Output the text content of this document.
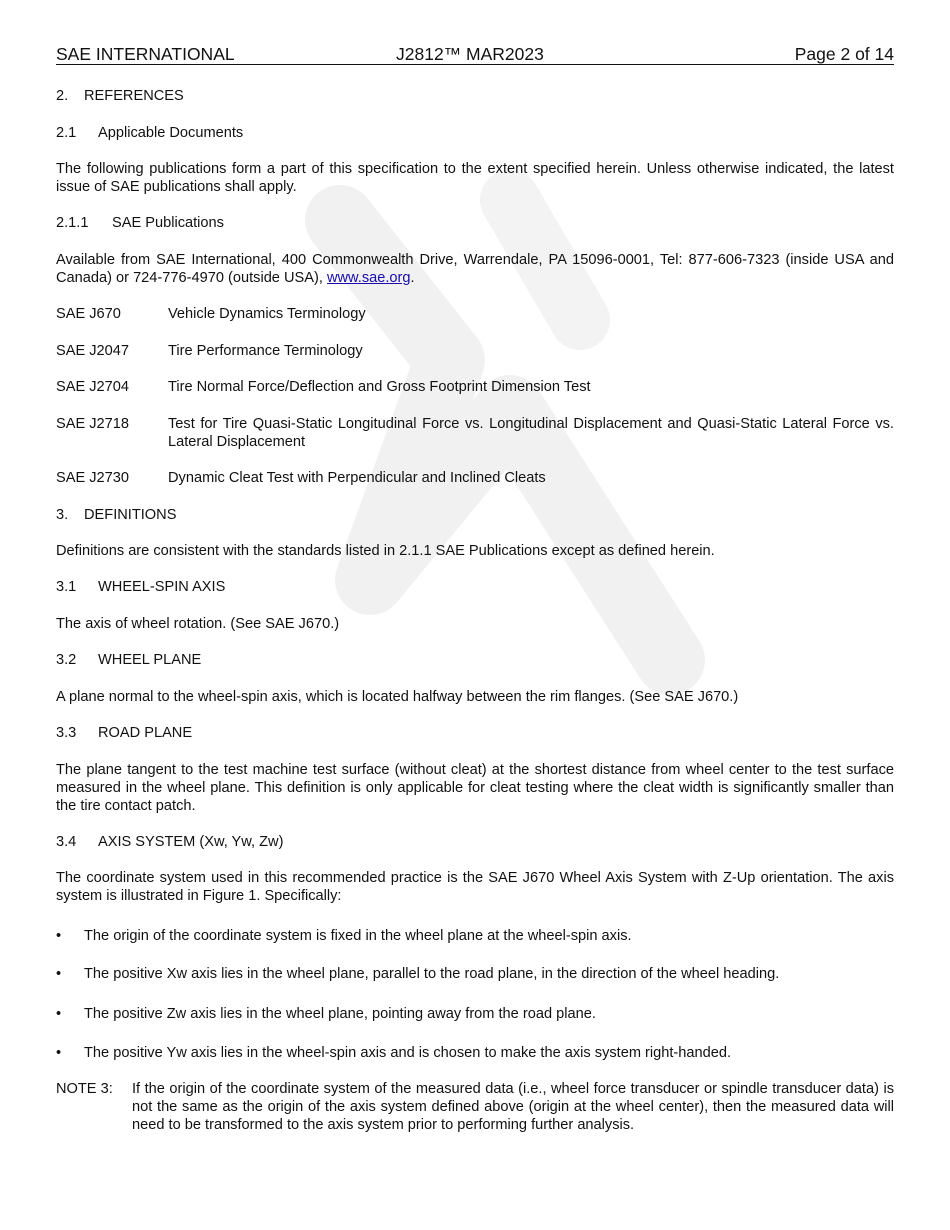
SAE INTERNATIONAL	J2812™ MAR2023	Page 2 of 14
2. REFERENCES
2.1 Applicable Documents
The following publications form a part of this specification to the extent specified herein. Unless otherwise indicated, the latest issue of SAE publications shall apply.
2.1.1 SAE Publications
Available from SAE International, 400 Commonwealth Drive, Warrendale, PA 15096-0001, Tel: 877-606-7323 (inside USA and Canada) or 724-776-4970 (outside USA), www.sae.org.
SAE J670	Vehicle Dynamics Terminology
SAE J2047	Tire Performance Terminology
SAE J2704	Tire Normal Force/Deflection and Gross Footprint Dimension Test
SAE J2718	Test for Tire Quasi-Static Longitudinal Force vs. Longitudinal Displacement and Quasi-Static Lateral Force vs. Lateral Displacement
SAE J2730	Dynamic Cleat Test with Perpendicular and Inclined Cleats
3. DEFINITIONS
Definitions are consistent with the standards listed in 2.1.1 SAE Publications except as defined herein.
3.1 WHEEL-SPIN AXIS
The axis of wheel rotation. (See SAE J670.)
3.2 WHEEL PLANE
A plane normal to the wheel-spin axis, which is located halfway between the rim flanges. (See SAE J670.)
3.3 ROAD PLANE
The plane tangent to the test machine test surface (without cleat) at the shortest distance from wheel center to the test surface measured in the wheel plane. This definition is only applicable for cleat testing where the cleat width is significantly smaller than the tire contact patch.
3.4 AXIS SYSTEM (Xw, Yw, Zw)
The coordinate system used in this recommended practice is the SAE J670 Wheel Axis System with Z-Up orientation. The axis system is illustrated in Figure 1. Specifically:
• The origin of the coordinate system is fixed in the wheel plane at the wheel-spin axis.
• The positive Xw axis lies in the wheel plane, parallel to the road plane, in the direction of the wheel heading.
• The positive Zw axis lies in the wheel plane, pointing away from the road plane.
• The positive Yw axis lies in the wheel-spin axis and is chosen to make the axis system right-handed.
NOTE 3: If the origin of the coordinate system of the measured data (i.e., wheel force transducer or spindle transducer data) is not the same as the origin of the axis system defined above (origin at the wheel center), then the measured data will need to be transformed to the axis system prior to performing further analysis.
